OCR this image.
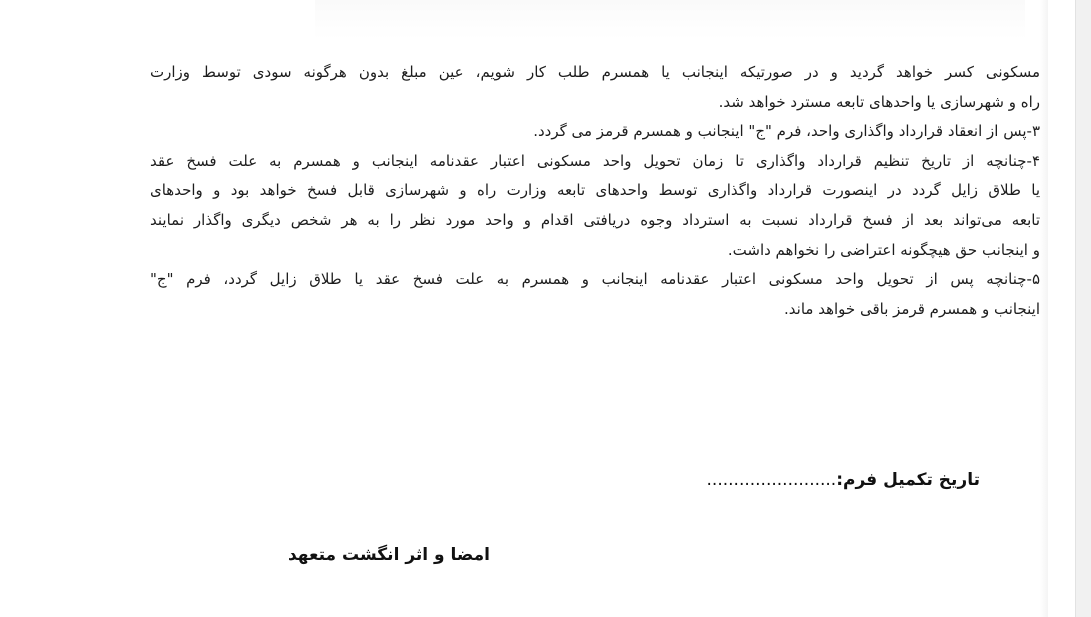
مسکونی کسر خواهد گردید و در صورتیکه اینجانب یا همسرم طلب کار شویم، عین مبلغ بدون هرگونه سودی توسط وزارت
راه و شهرسازی یا واحدهای تابعه مسترد خواهد شد.
۳-پس از انعقاد قرارداد واگذاری واحد، فرم "ج" اینجانب و همسرم قرمز می گردد.
۴-چنانچه از تاریخ تنظیم قرارداد واگذاری تا زمان تحویل واحد مسکونی اعتبار عقدنامه اینجانب و همسرم به علت فسخ عقد
یا طلاق زایل گردد در اینصورت قرارداد واگذاری توسط واحدهای تابعه وزارت راه و شهرسازی قابل فسخ خواهد بود و واحدهای
تابعه می‌تواند بعد از فسخ قرارداد نسبت به استرداد وجوه دریافتی اقدام و واحد مورد نظر را به هر شخص دیگری واگذار نمایند
و اینجانب حق هیچگونه اعتراضی را نخواهم داشت.
۵-چنانچه پس از تحویل واحد مسکونی اعتبار عقدنامه اینجانب و همسرم به علت فسخ عقد یا طلاق زایل گردد، فرم "ج"
اینجانب و همسرم قرمز باقی خواهد ماند.
تاریخ تکمیل فرم:........................
امضا و اثر انگشت متعهد
